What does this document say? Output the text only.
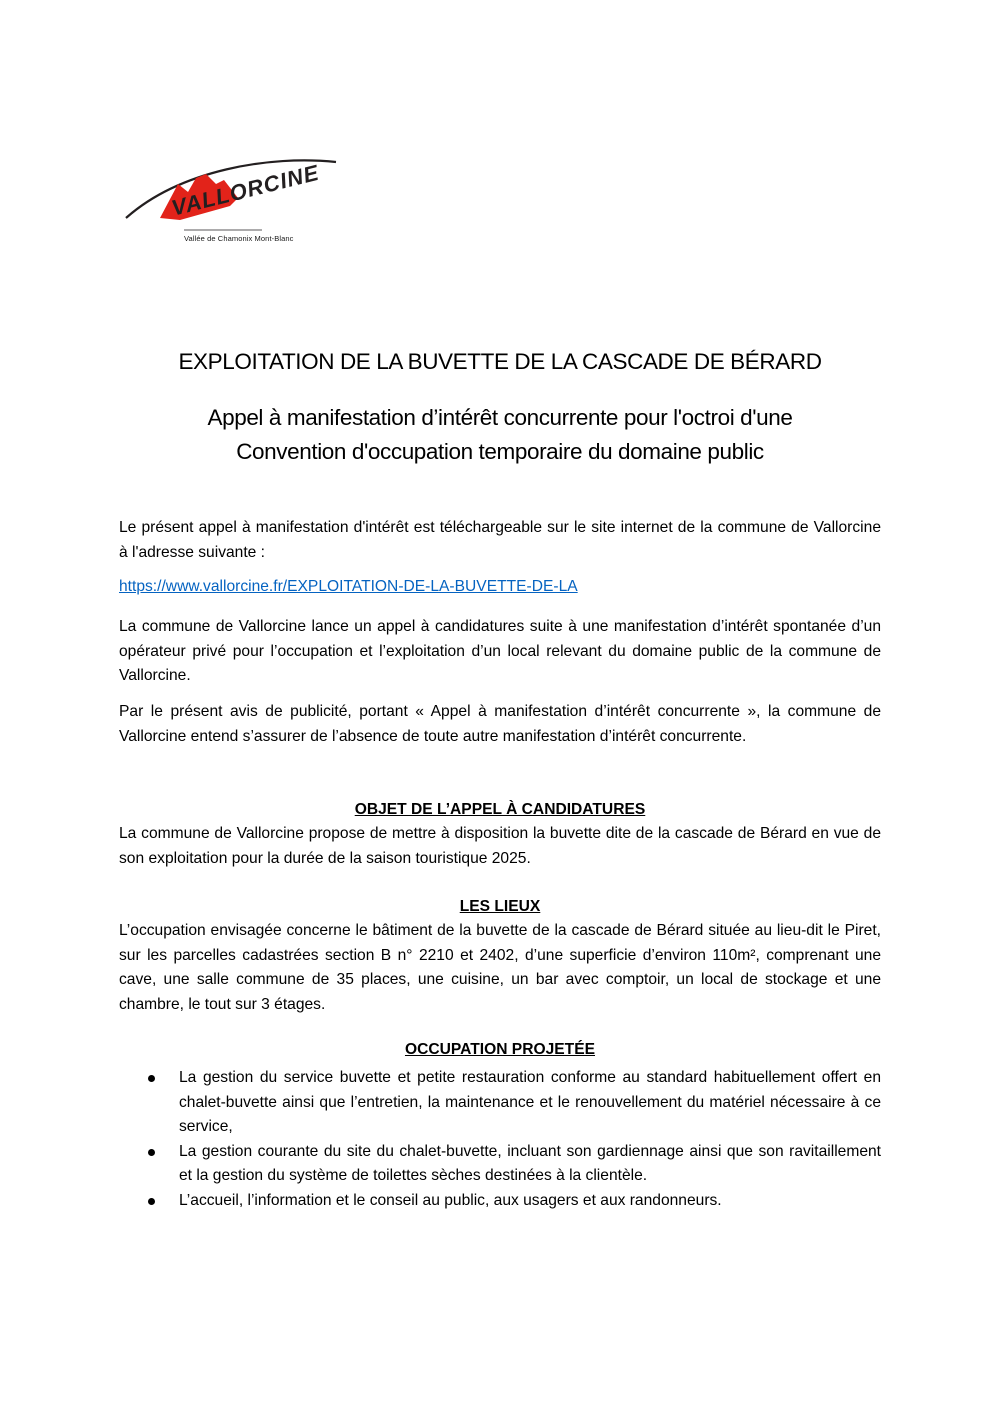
VALLORCINE
Vallée de Chamonix Mont-Blanc
EXPLOITATION DE LA BUVETTE DE LA CASCADE DE BÉRARD
Appel à manifestation d’intérêt concurrente pour l'octroi d'une
Convention d'occupation temporaire du domaine public
Le présent appel à manifestation d'intérêt est téléchargeable sur le site internet de la commune de Vallorcine à l'adresse suivante :
https://www.vallorcine.fr/EXPLOITATION-DE-LA-BUVETTE-DE-LA
La commune de Vallorcine lance un appel à candidatures suite à une manifestation d’intérêt spontanée d’un opérateur privé pour l’occupation et l’exploitation d’un local relevant du domaine public de la commune de Vallorcine.
Par le présent avis de publicité, portant « Appel à manifestation d’intérêt concurrente », la commune de Vallorcine entend s’assurer de l’absence de toute autre manifestation d’intérêt concurrente.
OBJET DE L’APPEL À CANDIDATURES
La commune de Vallorcine propose de mettre à disposition la buvette dite de la cascade de Bérard en vue de son exploitation pour la durée de la saison touristique 2025.
LES LIEUX
L’occupation envisagée concerne le bâtiment de la buvette de la cascade de Bérard située au lieu-dit le Piret, sur les parcelles cadastrées section B n° 2210 et 2402, d’une superficie d’environ 110m², comprenant une cave, une salle commune de 35 places, une cuisine, un bar avec comptoir, un local de stockage et une chambre, le tout sur 3 étages.
OCCUPATION PROJETÉE
La gestion du service buvette et petite restauration conforme au standard habituellement offert en chalet-buvette ainsi que l’entretien, la maintenance et le renouvellement du matériel nécessaire à ce service,
La gestion courante du site du chalet-buvette, incluant son gardiennage ainsi que son ravitaillement et la gestion du système de toilettes sèches destinées à la clientèle.
L’accueil, l’information et le conseil au public, aux usagers et aux randonneurs.
